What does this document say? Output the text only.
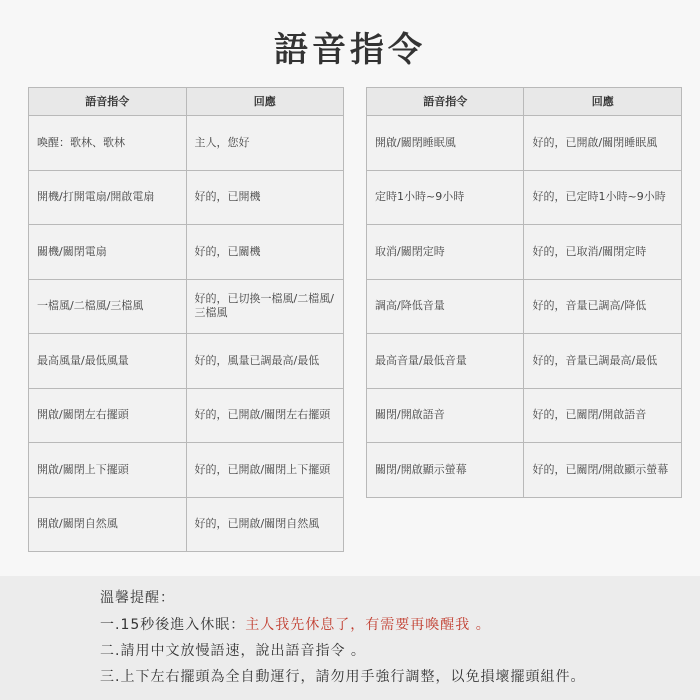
語音指令
語音指令	回應
喚醒：歌林、歌林	主人，您好
開機/打開電扇/開啟電扇	好的，已開機
關機/關閉電扇	好的，已關機
一檔風/二檔風/三檔風	好的，已切換一檔風/二檔風/三檔風
最高風量/最低風量	好的，風量已調最高/最低
開啟/關閉左右擺頭	好的，已開啟/關閉左右擺頭
開啟/關閉上下擺頭	好的，已開啟/關閉上下擺頭
開啟/關閉自然風	好的，已開啟/關閉自然風
語音指令	回應
開啟/關閉睡眠風	好的，已開啟/關閉睡眠風
定時1小時~9小時	好的，已定時1小時~9小時
取消/關閉定時	好的，已取消/關閉定時
調高/降低音量	好的，音量已調高/降低
最高音量/最低音量	好的，音量已調最高/最低
關閉/開啟語音	好的，已關閉/開啟語音
關閉/開啟顯示螢幕	好的，已關閉/開啟顯示螢幕
溫馨提醒：
一.15秒後進入休眠：主人我先休息了，有需要再喚醒我 。
二.請用中文放慢語速，說出語音指令 。
三.上下左右擺頭為全自動運行，請勿用手強行調整，以免損壞擺頭組件。
